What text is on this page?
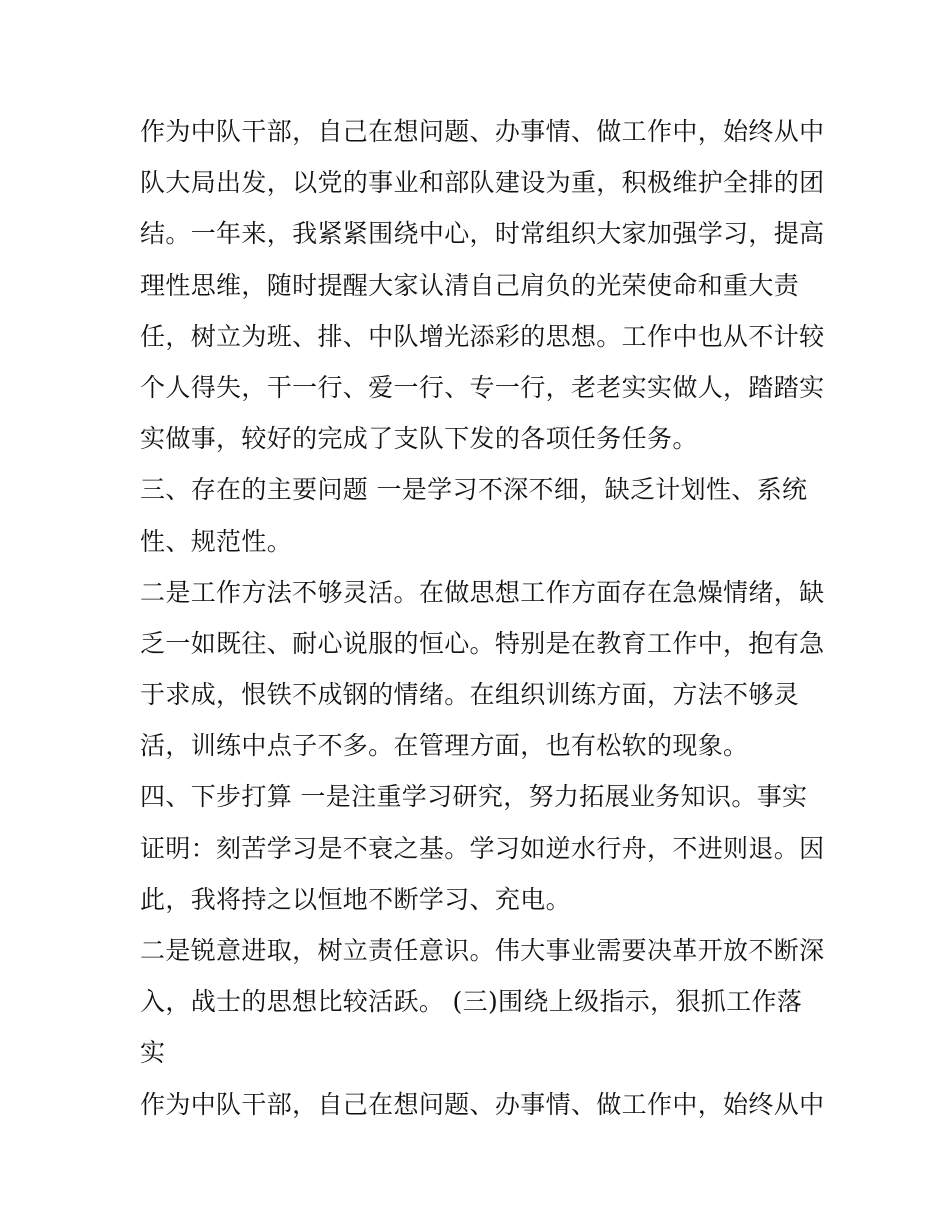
作为中队干部，自己在想问题、办事情、做工作中，始终从中
队大局出发，以党的事业和部队建设为重，积极维护全排的团
结。一年来，我紧紧围绕中心，时常组织大家加强学习，提高
理性思维，随时提醒大家认清自己肩负的光荣使命和重大责
任，树立为班、排、中队增光添彩的思想。工作中也从不计较
个人得失，干一行、爱一行、专一行，老老实实做人，踏踏实
实做事，较好的完成了支队下发的各项任务任务。
三、存在的主要问题 一是学习不深不细，缺乏计划性、系统
性、规范性。
二是工作方法不够灵活。在做思想工作方面存在急燥情绪，缺
乏一如既往、耐心说服的恒心。特别是在教育工作中，抱有急
于求成，恨铁不成钢的情绪。在组织训练方面，方法不够灵
活，训练中点子不多。在管理方面，也有松软的现象。
四、下步打算 一是注重学习研究，努力拓展业务知识。事实
证明：刻苦学习是不衰之基。学习如逆水行舟，不进则退。因
此，我将持之以恒地不断学习、充电。
二是锐意进取，树立责任意识。伟大事业需要决革开放不断深
入，战士的思想比较活跃。 (三)围绕上级指示，狠抓工作落
实
作为中队干部，自己在想问题、办事情、做工作中，始终从中
